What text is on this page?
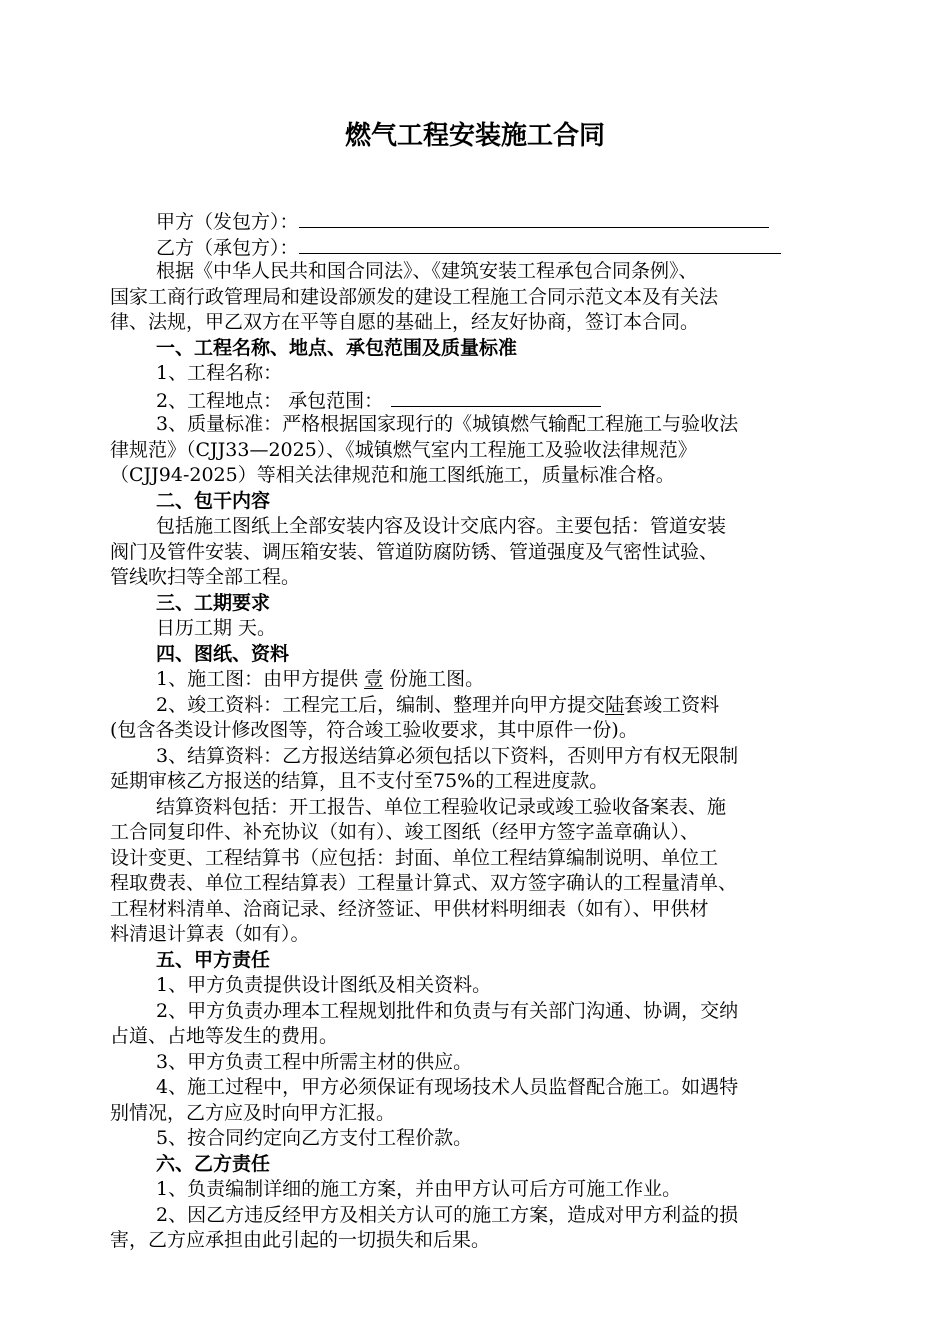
燃气工程安装施工合同
甲方（发包方）：
乙方（承包方）：
根据《中华人民共和国合同法》、《建筑安装工程承包合同条例》、
国家工商行政管理局和建设部颁发的建设工程施工合同示范文本及有关法
律、法规，甲乙双方在平等自愿的基础上，经友好协商，签订本合同。
一、工程名称、地点、承包范围及质量标准
1、工程名称：
2、工程地点： 承包范围：
3、质量标准：严格根据国家现行的《城镇燃气输配工程施工与验收法
律规范》（CJJ33—2025）、《城镇燃气室内工程施工及验收法律规范》
（CJJ94-2025）等相关法律规范和施工图纸施工，质量标准合格。
二、包干内容
包括施工图纸上全部安装内容及设计交底内容。主要包括：管道安装
阀门及管件安装、调压箱安装、管道防腐防锈、管道强度及气密性试验、
管线吹扫等全部工程。
三、工期要求
日历工期 天。
四、图纸、资料
1、施工图：由甲方提供 壹 份施工图。
2、竣工资料：工程完工后，编制、整理并向甲方提交陆套竣工资料
(包含各类设计修改图等，符合竣工验收要求，其中原件一份)。
3、结算资料：乙方报送结算必须包括以下资料，否则甲方有权无限制
延期审核乙方报送的结算，且不支付至75%的工程进度款。
结算资料包括：开工报告、单位工程验收记录或竣工验收备案表、施
工合同复印件、补充协议（如有）、竣工图纸（经甲方签字盖章确认）、
设计变更、工程结算书（应包括：封面、单位工程结算编制说明、单位工
程取费表、单位工程结算表）工程量计算式、双方签字确认的工程量清单、
工程材料清单、洽商记录、经济签证、甲供材料明细表（如有）、甲供材
料清退计算表（如有）。
五、甲方责任
1、甲方负责提供设计图纸及相关资料。
2、甲方负责办理本工程规划批件和负责与有关部门沟通、协调，交纳
占道、占地等发生的费用。
3、甲方负责工程中所需主材的供应。
4、施工过程中，甲方必须保证有现场技术人员监督配合施工。如遇特
别情况，乙方应及时向甲方汇报。
5、按合同约定向乙方支付工程价款。
六、乙方责任
1、负责编制详细的施工方案，并由甲方认可后方可施工作业。
2、因乙方违反经甲方及相关方认可的施工方案，造成对甲方利益的损
害，乙方应承担由此引起的一切损失和后果。
